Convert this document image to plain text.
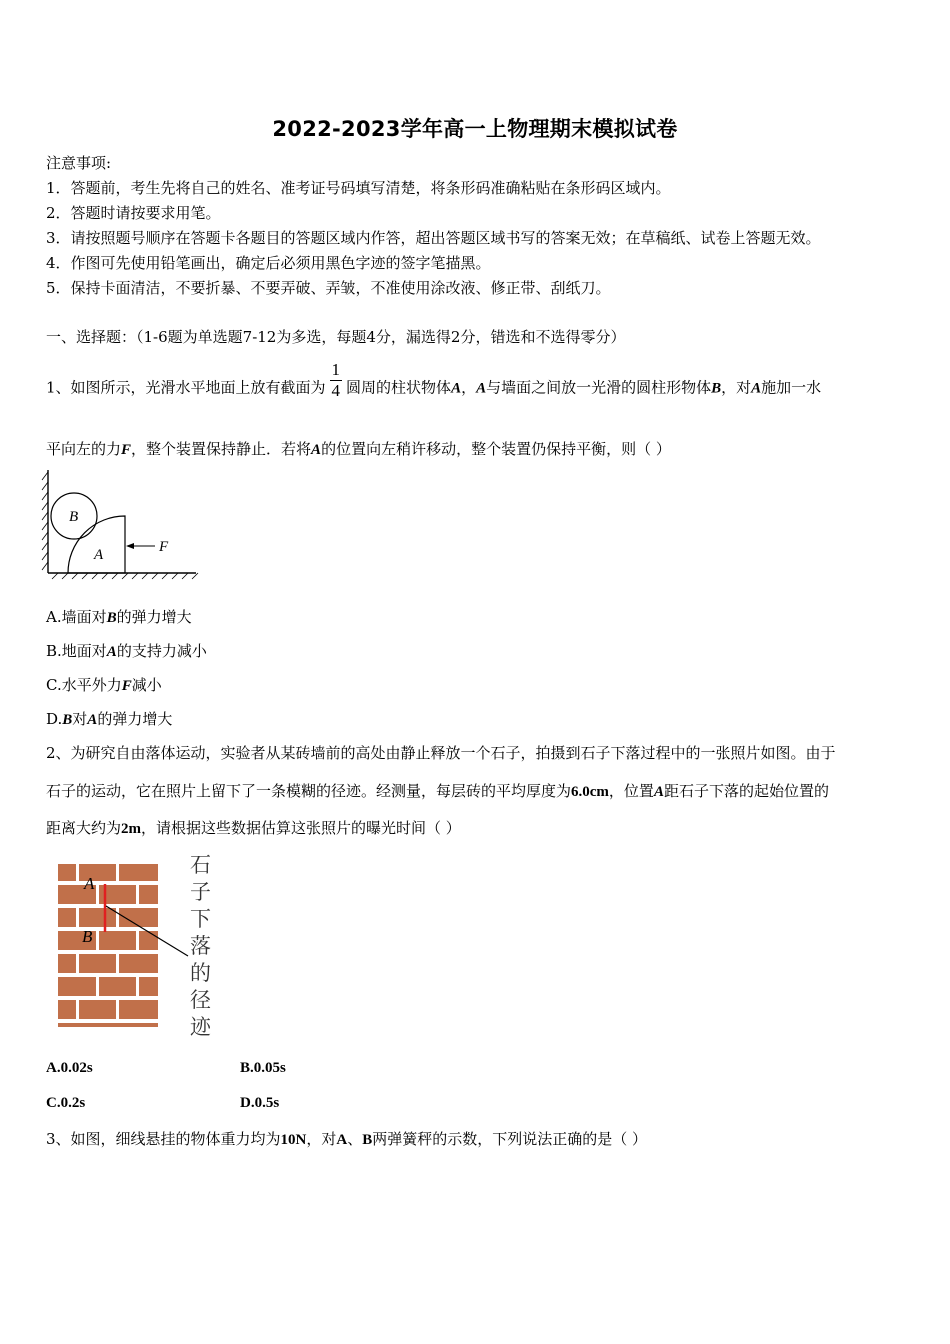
2022-2023学年高一上物理期末模拟试卷
注意事项:
1．答题前，考生先将自己的姓名、准考证号码填写清楚，将条形码准确粘贴在条形码区域内。
2．答题时请按要求用笔。
3．请按照题号顺序在答题卡各题目的答题区域内作答，超出答题区域书写的答案无效；在草稿纸、试卷上答题无效。
4．作图可先使用铅笔画出，确定后必须用黑色字迹的签字笔描黑。
5．保持卡面清洁，不要折暴、不要弄破、弄皱，不准使用涂改液、修正带、刮纸刀。
一、选择题：（1-6题为单选题7-12为多选，每题4分，漏选得2分，错选和不选得零分）
1、如图所示，光滑水平地面上放有截面为 $\frac{1}{4}$ 圆周的柱状物体A，A与墙面之间放一光滑的圆柱形物体B，对A施加一水
平向左的力F，整个装置保持静止．若将A的位置向左稍许移动，整个装置仍保持平衡，则（ ）
B
A	F
A.墙面对B的弹力增大
B.地面对A的支持力减小
C.水平外力F减小
D.B对A的弹力增大
2、为研究自由落体运动，实验者从某砖墙前的高处由静止释放一个石子，拍摄到石子下落过程中的一张照片如图。由于
石子的运动，它在照片上留下了一条模糊的径迹。经测量，每层砖的平均厚度为6.0cm，位置A距石子下落的起始位置的
距离大约为2m，请根据这些数据估算这张照片的曝光时间（ ）
A
B
石子下落的径迹
A.0.02s	B.0.05s
C.0.2s	D.0.5s
3、如图，细线悬挂的物体重力均为10N，对A、B两弹簧秤的示数，下列说法正确的是（ ）
